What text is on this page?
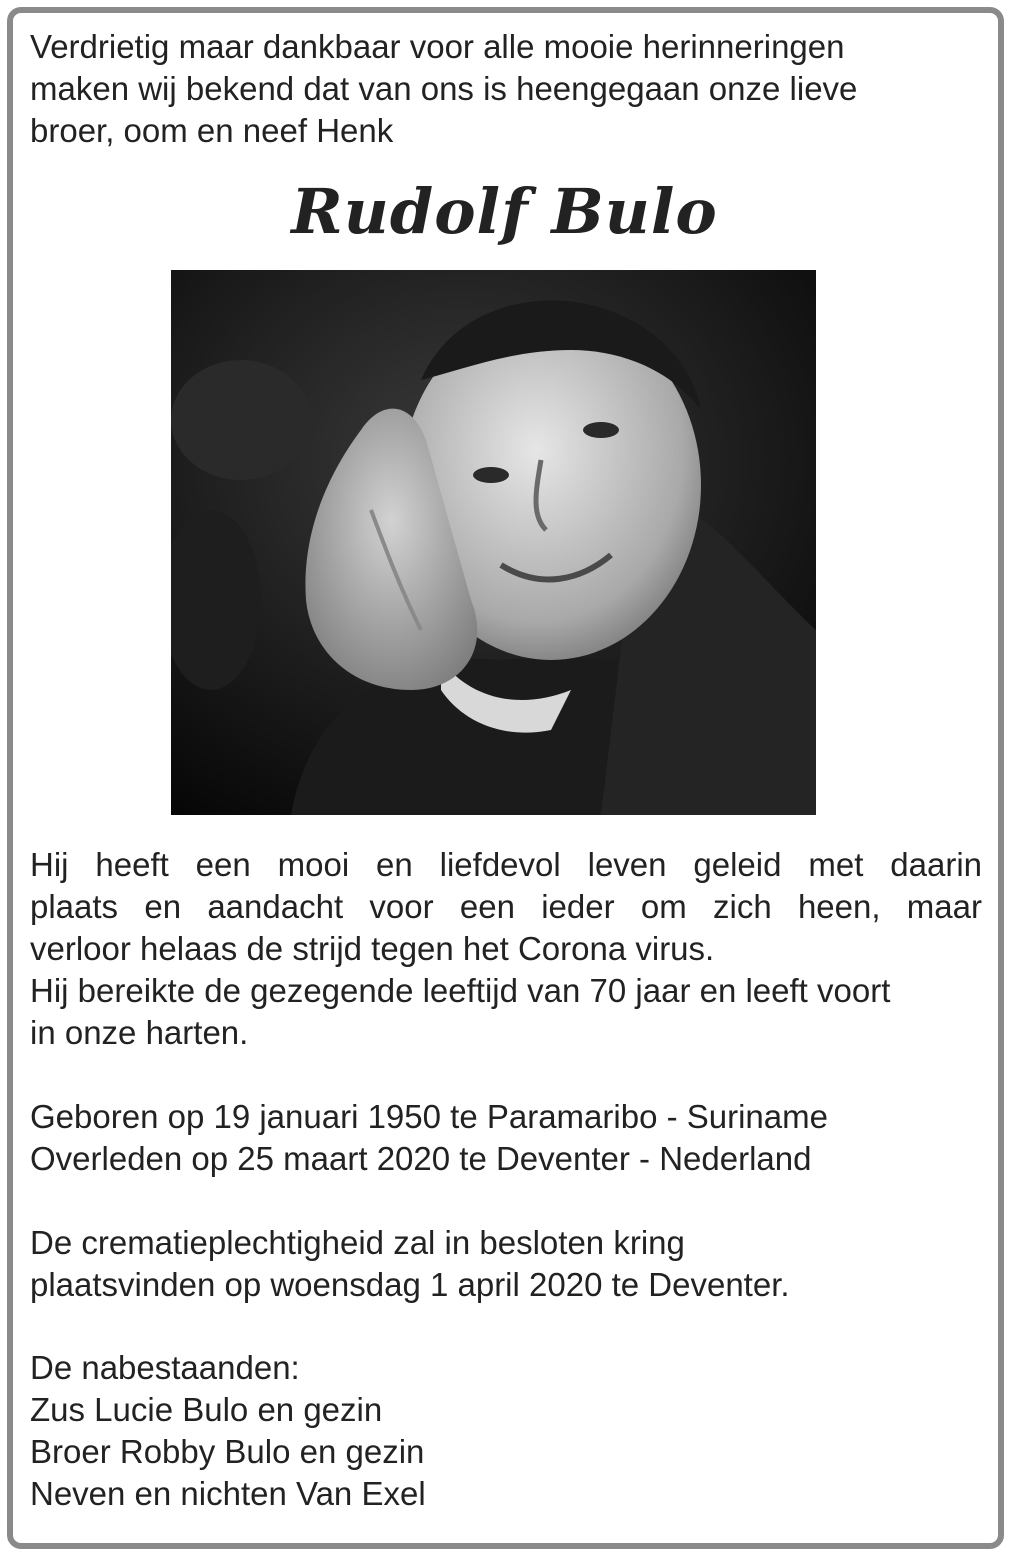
Verdrietig maar dankbaar voor alle mooie herinneringen
maken wij bekend dat van ons is heengegaan onze lieve
broer, oom en neef Henk
Rudolf Bulo
Hij heeft een mooi en liefdevol leven geleid met daarin
plaats en aandacht voor een ieder om zich heen, maar
verloor helaas de strijd tegen het Corona virus.
Hij bereikte de gezegende leeftijd van 70 jaar en leeft voort
in onze harten.
Geboren op 19 januari 1950 te Paramaribo - Suriname
Overleden op 25 maart 2020 te Deventer - Nederland
De crematieplechtigheid zal in besloten kring
plaatsvinden op woensdag 1 april 2020 te Deventer.
De nabestaanden:
Zus Lucie Bulo en gezin
Broer Robby Bulo en gezin
Neven en nichten Van Exel
